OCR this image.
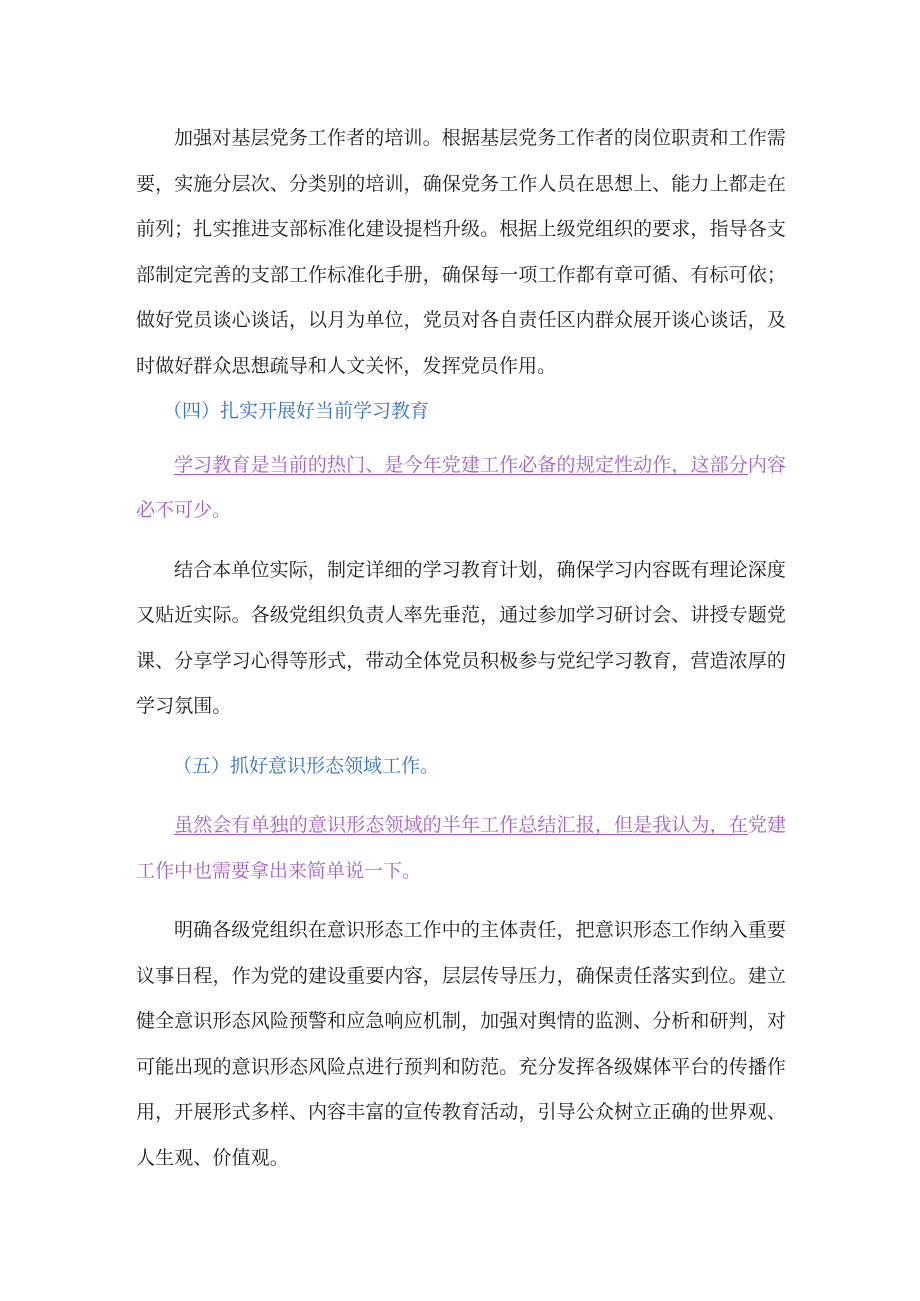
加强对基层党务工作者的培训。根据基层党务工作者的岗位职责和工作需要，实施分层次、分类别的培训，确保党务工作人员在思想上、能力上都走在前列；扎实推进支部标准化建设提档升级。根据上级党组织的要求，指导各支部制定完善的支部工作标准化手册，确保每一项工作都有章可循、有标可依；做好党员谈心谈话，以月为单位，党员对各自责任区内群众展开谈心谈话，及时做好群众思想疏导和人文关怀，发挥党员作用。

（四）扎实开展好当前学习教育

学习教育是当前的热门、是今年党建工作必备的规定性动作，这部分内容必不可少。

结合本单位实际，制定详细的学习教育计划，确保学习内容既有理论深度又贴近实际。各级党组织负责人率先垂范，通过参加学习研讨会、讲授专题党课、分享学习心得等形式，带动全体党员积极参与党纪学习教育，营造浓厚的学习氛围。

（五）抓好意识形态领域工作。

虽然会有单独的意识形态领域的半年工作总结汇报，但是我认为，在党建工作中也需要拿出来简单说一下。

明确各级党组织在意识形态工作中的主体责任，把意识形态工作纳入重要议事日程，作为党的建设重要内容，层层传导压力，确保责任落实到位。建立健全意识形态风险预警和应急响应机制，加强对舆情的监测、分析和研判，对可能出现的意识形态风险点进行预判和防范。充分发挥各级媒体平台的传播作用，开展形式多样、内容丰富的宣传教育活动，引导公众树立正确的世界观、人生观、价值观。
